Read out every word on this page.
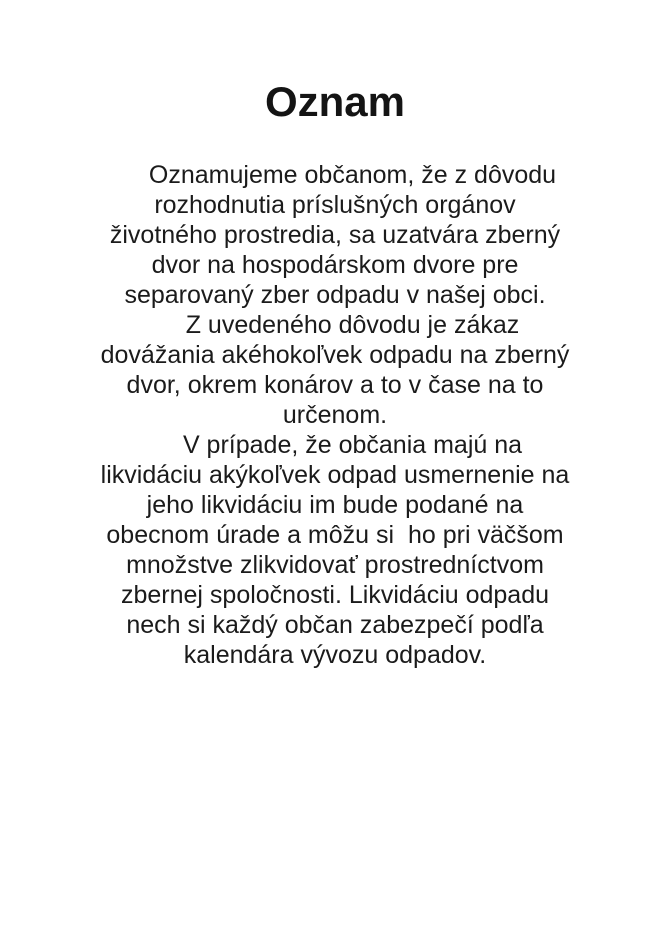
Oznam

Oznamujeme občanom, že z dôvodu

rozhodnutia príslušných orgánov

životného prostredia, sa uzatvára zberný

dvor na hospodárskom dvore pre

separovaný zber odpadu v našej obci.

Z uvedeného dôvodu je zákaz

dovážania akéhokoľvek odpadu na zberný

dvor, okrem konárov a to v čase na to

určenom.

V prípade, že občania majú na

likvidáciu akýkoľvek odpad usmernenie na

jeho likvidáciu im bude podané na

obecnom úrade a môžu si  ho pri väčšom

množstve zlikvidovať prostredníctvom

zbernej spoločnosti. Likvidáciu odpadu

nech si každý občan zabezpečí podľa

kalendára vývozu odpadov.
